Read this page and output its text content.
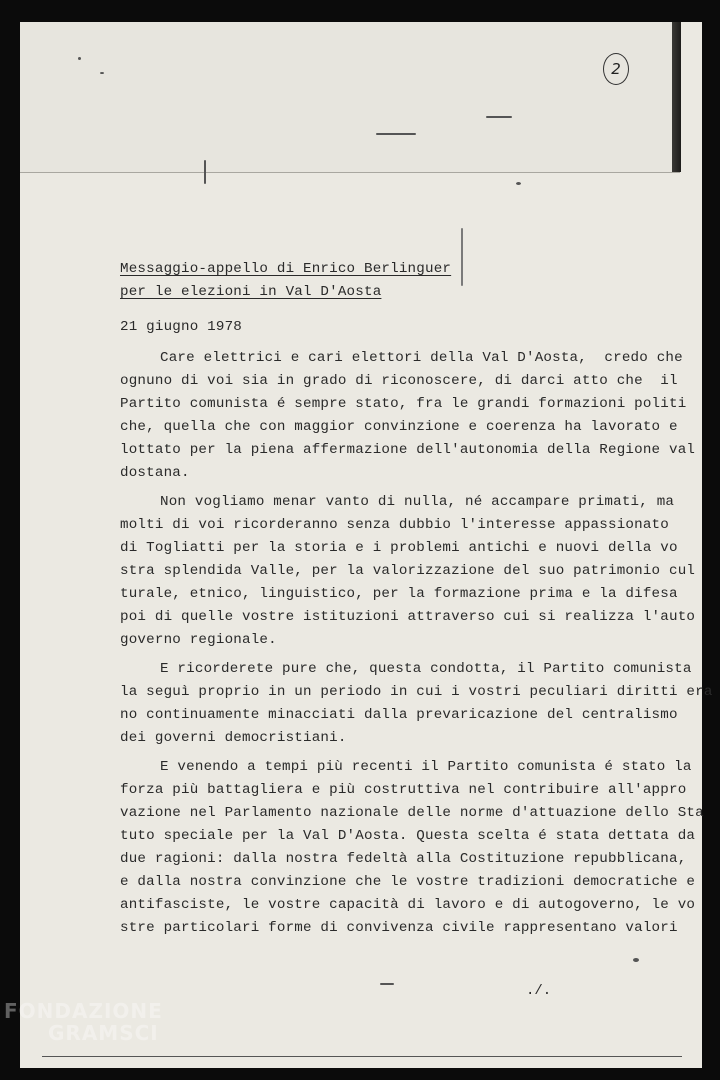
2
Messaggio-appello di Enrico Berlinguer
per le elezioni in Val D'Aosta
21 giugno 1978
Care elettrici e cari elettori della Val D'Aosta,  credo che
ognuno di voi sia in grado di riconoscere, di darci atto che  il
Partito comunista é sempre stato, fra le grandi formazioni politi
che, quella che con maggior convinzione e coerenza ha lavorato e
lottato per la piena affermazione dell'autonomia della Regione val
dostana.
Non vogliamo menar vanto di nulla, né accampare primati, ma
molti di voi ricorderanno senza dubbio l'interesse appassionato
di Togliatti per la storia e i problemi antichi e nuovi della vo
stra splendida Valle, per la valorizzazione del suo patrimonio cul
turale, etnico, linguistico, per la formazione prima e la difesa
poi di quelle vostre istituzioni attraverso cui si realizza l'auto
governo regionale.
E ricorderete pure che, questa condotta, il Partito comunista
la seguì proprio in un periodo in cui i vostri peculiari diritti era
no continuamente minacciati dalla prevaricazione del centralismo
dei governi democristiani.
E venendo a tempi più recenti il Partito comunista é stato la
forza più battagliera e più costruttiva nel contribuire all'appro
vazione nel Parlamento nazionale delle norme d'attuazione dello Sta
tuto speciale per la Val D'Aosta. Questa scelta é stata dettata da
due ragioni: dalla nostra fedeltà alla Costituzione repubblicana,
e dalla nostra convinzione che le vostre tradizioni democratiche e
antifasciste, le vostre capacità di lavoro e di autogoverno, le vo
stre particolari forme di convivenza civile rappresentano valori
./.
FONDAZIONE
GRAMSCI
